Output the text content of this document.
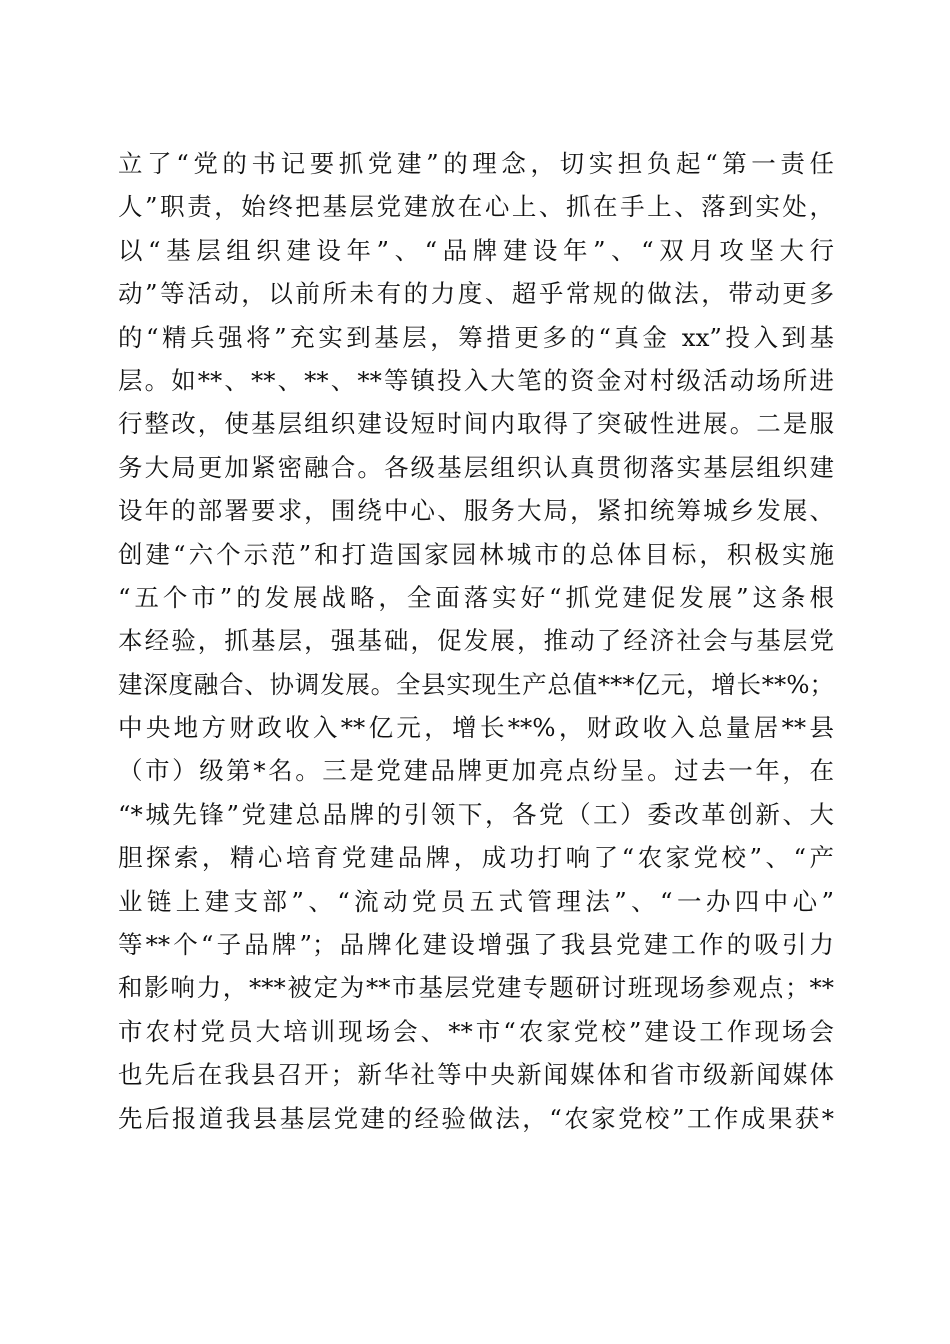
立了“党的书记要抓党建”的理念，切实担负起“第一责任
人”职责，始终把基层党建放在心上、抓在手上、落到实处，
以“基层组织建设年”、“品牌建设年”、“双月攻坚大行
动”等活动，以前所未有的力度、超乎常规的做法，带动更多
的“精兵强将”充实到基层，筹措更多的“真金 xx”投入到基
层。如**、**、**、**等镇投入大笔的资金对村级活动场所进
行整改，使基层组织建设短时间内取得了突破性进展。二是服
务大局更加紧密融合。各级基层组织认真贯彻落实基层组织建
设年的部署要求，围绕中心、服务大局，紧扣统筹城乡发展、
创建“六个示范”和打造国家园林城市的总体目标，积极实施
“五个市”的发展战略，全面落实好“抓党建促发展”这条根
本经验，抓基层，强基础，促发展，推动了经济社会与基层党
建深度融合、协调发展。全县实现生产总值***亿元，增长**%；
中央地方财政收入**亿元，增长**%，财政收入总量居**县
（市）级第*名。三是党建品牌更加亮点纷呈。过去一年，在
“*城先锋”党建总品牌的引领下，各党（工）委改革创新、大
胆探索，精心培育党建品牌，成功打响了“农家党校”、“产
业链上建支部”、“流动党员五式管理法”、“一办四中心”
等**个“子品牌”；品牌化建设增强了我县党建工作的吸引力
和影响力，***被定为**市基层党建专题研讨班现场参观点；**
市农村党员大培训现场会、**市“农家党校”建设工作现场会
也先后在我县召开；新华社等中央新闻媒体和省市级新闻媒体
先后报道我县基层党建的经验做法，“农家党校”工作成果获*
